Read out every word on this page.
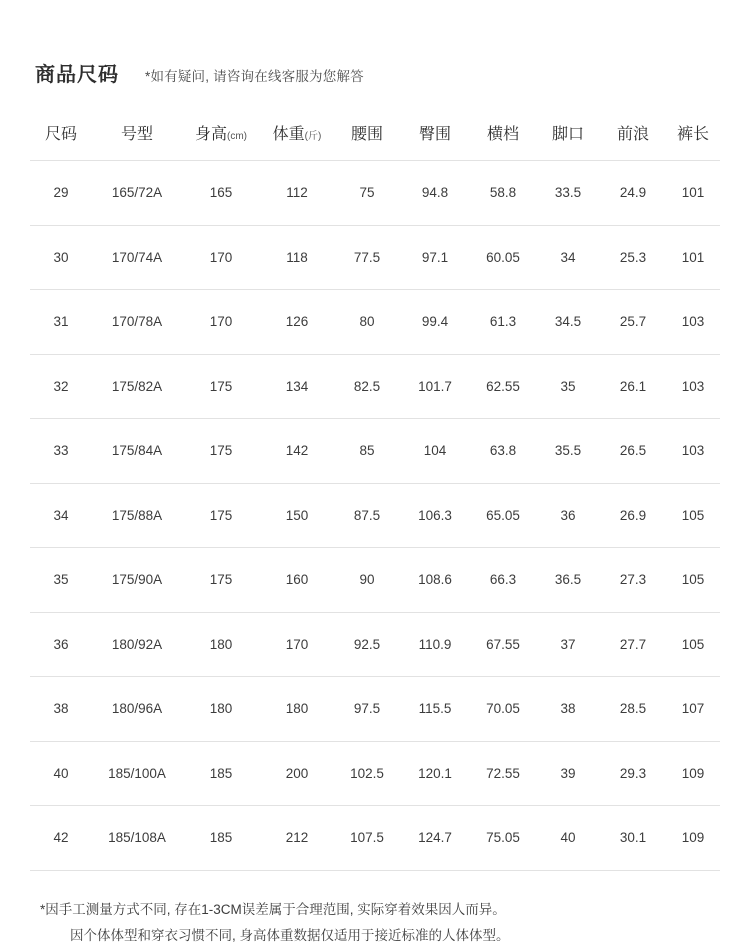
商品尺码 *如有疑问, 请咨询在线客服为您解答
尺码	号型	身高(cm)	体重(斤)	腰围	臀围	横档	脚口	前浪	裤长
29	165/72A	165	112	75	94.8	58.8	33.5	24.9	101
30	170/74A	170	118	77.5	97.1	60.05	34	25.3	101
31	170/78A	170	126	80	99.4	61.3	34.5	25.7	103
32	175/82A	175	134	82.5	101.7	62.55	35	26.1	103
33	175/84A	175	142	85	104	63.8	35.5	26.5	103
34	175/88A	175	150	87.5	106.3	65.05	36	26.9	105
35	175/90A	175	160	90	108.6	66.3	36.5	27.3	105
36	180/92A	180	170	92.5	110.9	67.55	37	27.7	105
38	180/96A	180	180	97.5	115.5	70.05	38	28.5	107
40	185/100A	185	200	102.5	120.1	72.55	39	29.3	109
42	185/108A	185	212	107.5	124.7	75.05	40	30.1	109
*因手工测量方式不同, 存在1-3CM误差属于合理范围, 实际穿着效果因人而异。
因个体体型和穿衣习惯不同, 身高体重数据仅适用于接近标准的人体体型。
